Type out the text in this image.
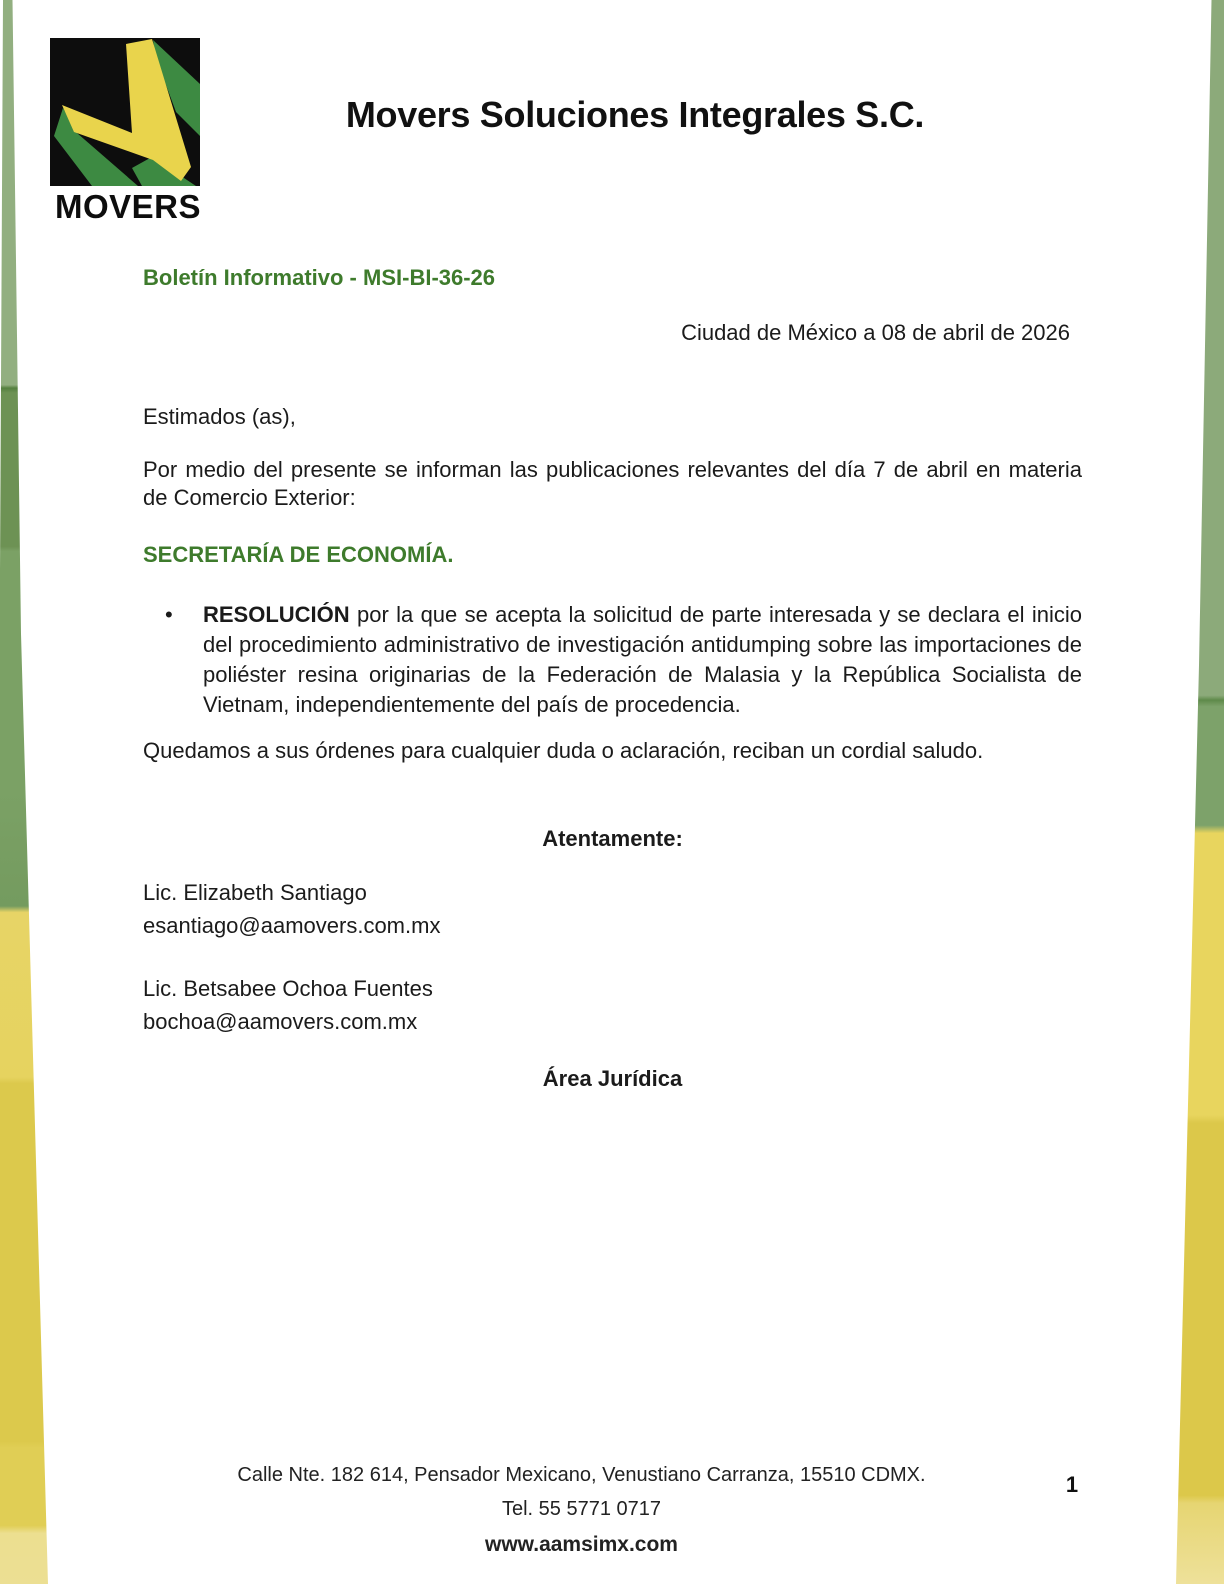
MOVERS
Movers Soluciones Integrales S.C.
Boletín Informativo - MSI-BI-36-26
Ciudad de México a 08 de abril de 2026
Estimados (as),
Por medio del presente se informan las publicaciones relevantes del día 7 de abril en materia de Comercio Exterior:
SECRETARÍA DE ECONOMÍA.
•	RESOLUCIÓN por la que se acepta la solicitud de parte interesada y se declara el inicio del procedimiento administrativo de investigación antidumping sobre las importaciones de poliéster resina originarias de la Federación de Malasia y la República Socialista de Vietnam, independientemente del país de procedencia.
Quedamos a sus órdenes para cualquier duda o aclaración, reciban un cordial saludo.
Atentamente:
Lic. Elizabeth Santiago
esantiago@aamovers.com.mx
Lic. Betsabee Ochoa Fuentes
bochoa@aamovers.com.mx
Área Jurídica
Calle Nte. 182 614, Pensador Mexicano, Venustiano Carranza, 15510 CDMX.
Tel. 55 5771 0717
www.aamsimx.com
1
